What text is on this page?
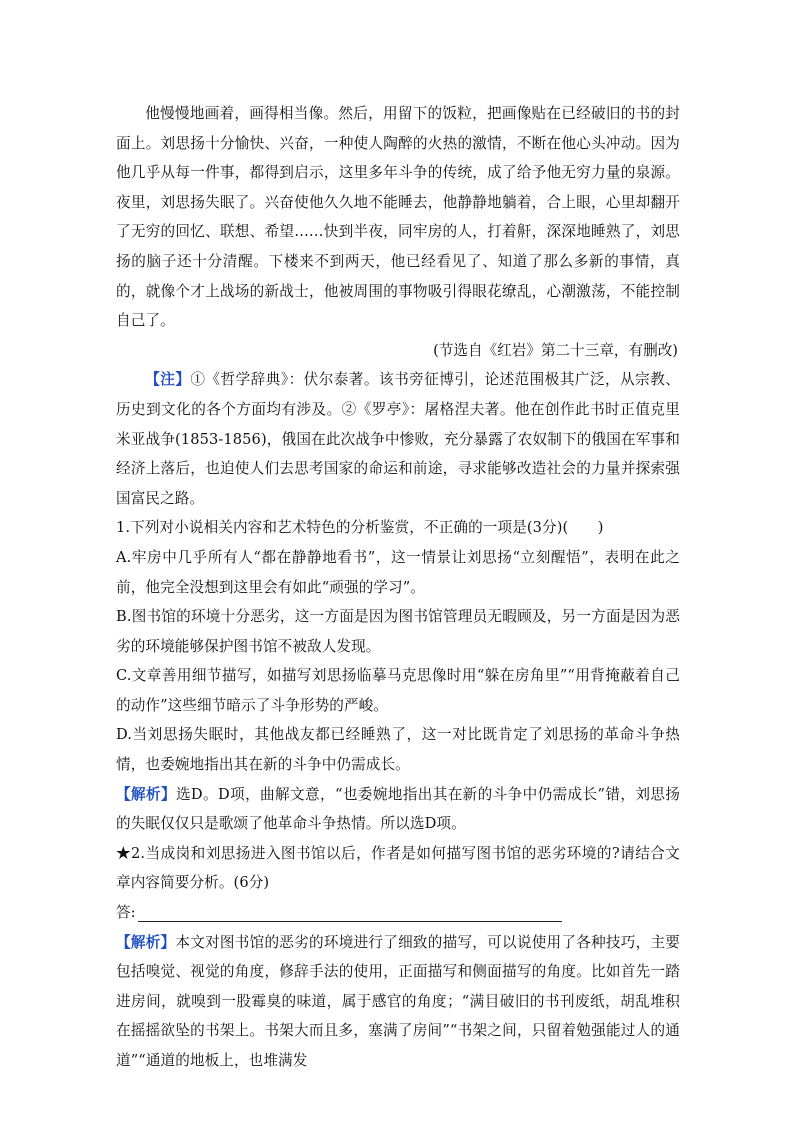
他慢慢地画着，画得相当像。然后，用留下的饭粒，把画像贴在已经破旧的书的封面上。刘思扬十分愉快、兴奋，一种使人陶醉的火热的激情，不断在他心头冲动。因为他几乎从每一件事，都得到启示，这里多年斗争的传统，成了给予他无穷力量的泉源。夜里，刘思扬失眠了。兴奋使他久久地不能睡去，他静静地躺着，合上眼，心里却翻开了无穷的回忆、联想、希望……快到半夜，同牢房的人，打着鼾，深深地睡熟了，刘思扬的脑子还十分清醒。下楼来不到两天，他已经看见了、知道了那么多新的事情，真的，就像个才上战场的新战士，他被周围的事物吸引得眼花缭乱，心潮激荡，不能控制自己了。

(节选自《红岩》第二十三章，有删改)

【注】①《哲学辞典》：伏尔泰著。该书旁征博引，论述范围极其广泛，从宗教、历史到文化的各个方面均有涉及。②《罗亭》：屠格涅夫著。他在创作此书时正值克里米亚战争(1853-1856)，俄国在此次战争中惨败，充分暴露了农奴制下的俄国在军事和经济上落后，也迫使人们去思考国家的命运和前途，寻求能够改造社会的力量并探索强国富民之路。

1.下列对小说相关内容和艺术特色的分析鉴赏，不正确的一项是(3分)(　　)

A.牢房中几乎所有人“都在静静地看书”，这一情景让刘思扬“立刻醒悟”，表明在此之前，他完全没想到这里会有如此“顽强的学习”。

B.图书馆的环境十分恶劣，这一方面是因为图书馆管理员无暇顾及，另一方面是因为恶劣的环境能够保护图书馆不被敌人发现。

C.文章善用细节描写，如描写刘思扬临摹马克思像时用“躲在房角里”“用背掩蔽着自己的动作”这些细节暗示了斗争形势的严峻。

D.当刘思扬失眠时，其他战友都已经睡熟了，这一对比既肯定了刘思扬的革命斗争热情，也委婉地指出其在新的斗争中仍需成长。

【解析】选D。D项，曲解文意，“也委婉地指出其在新的斗争中仍需成长”错，刘思扬的失眠仅仅只是歌颂了他革命斗争热情。所以选D项。

★2.当成岗和刘思扬进入图书馆以后，作者是如何描写图书馆的恶劣环境的?请结合文章内容简要分析。(6分)

答:

【解析】本文对图书馆的恶劣的环境进行了细致的描写，可以说使用了各种技巧，主要包括嗅觉、视觉的角度，修辞手法的使用，正面描写和侧面描写的角度。比如首先一踏进房间，就嗅到一股霉臭的味道，属于感官的角度；“满目破旧的书刊废纸，胡乱堆积在摇摇欲坠的书架上。书架大而且多，塞满了房间”“书架之间，只留着勉强能过人的通道”“通道的地板上，也堆满发
